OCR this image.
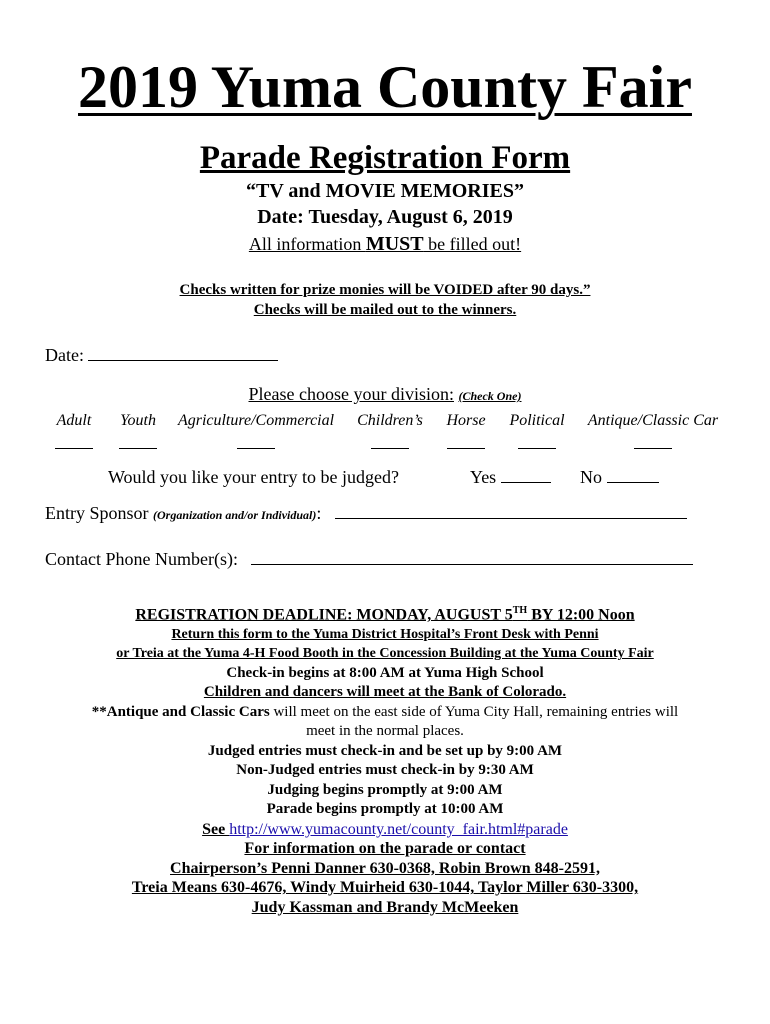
2019 Yuma County Fair
Parade Registration Form
“TV and MOVIE MEMORIES”
Date: Tuesday, August 6, 2019
All information MUST be filled out!
Checks written for prize monies will be VOIDED after 90 days.”
Checks will be mailed out to the winners.
Date:
Please choose your division: (Check One)
Adult	Youth	Agriculture/Commercial	Children’s	Horse	Political	Antique/Classic Car
Would you like your entry to be judged?	Yes	No
Entry Sponsor (Organization and/or Individual):
Contact Phone Number(s):
REGISTRATION DEADLINE: MONDAY, AUGUST 5TH BY 12:00 Noon
Return this form to the Yuma District Hospital’s Front Desk with Penni
or Treia at the Yuma 4-H Food Booth in the Concession Building at the Yuma County Fair
Check-in begins at 8:00 AM at Yuma High School
Children and dancers will meet at the Bank of Colorado.
**Antique and Classic Cars will meet on the east side of Yuma City Hall, remaining entries will
meet in the normal places.
Judged entries must check-in and be set up by 9:00 AM
Non-Judged entries must check-in by 9:30 AM
Judging begins promptly at 9:00 AM
Parade begins promptly at 10:00 AM
See http://www.yumacounty.net/county_fair.html#parade
For information on the parade or contact
Chairperson’s Penni Danner 630-0368, Robin Brown 848-2591,
Treia Means 630-4676, Windy Muirheid 630-1044, Taylor Miller 630-3300,
Judy Kassman and Brandy McMeeken
